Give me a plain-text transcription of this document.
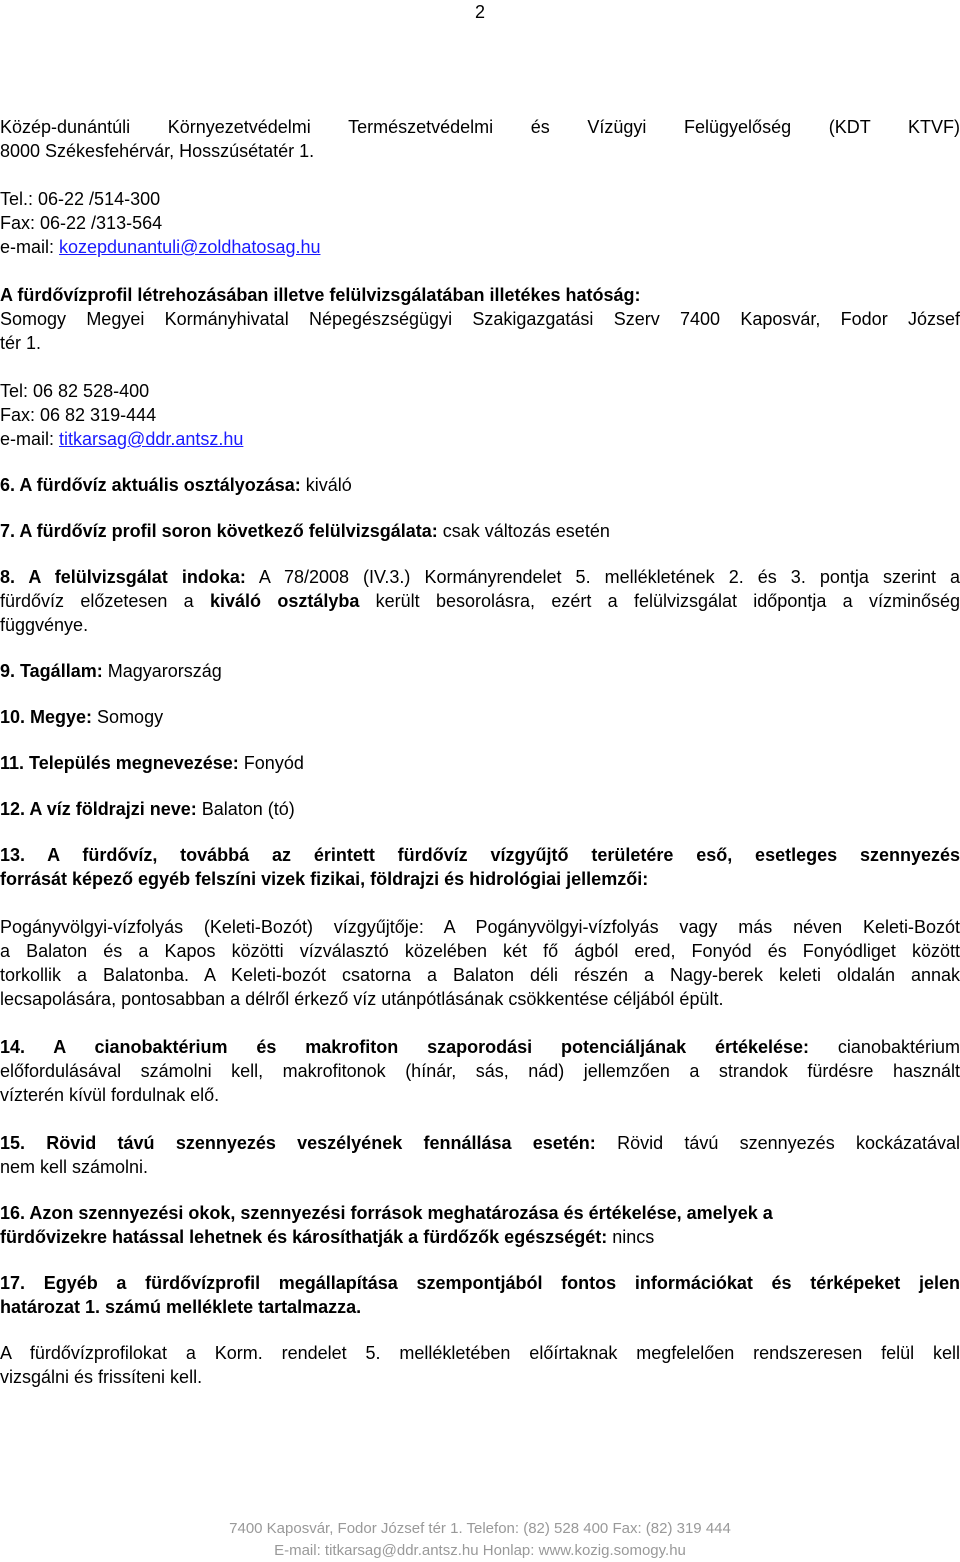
2

Közép-dunántúli Környezetvédelmi Természetvédelmi és Vízügyi Felügyelőség (KDT KTVF)

8000 Székesfehérvár, Hosszúsétatér 1.

Tel.: 06-22 /514-300

Fax: 06-22 /313-564

e-mail: kozepdunantuli@zoldhatosag.hu

A fürdővízprofil létrehozásában illetve felülvizsgálatában illetékes hatóság:

Somogy Megyei Kormányhivatal Népegészségügyi Szakigazgatási Szerv 7400 Kaposvár, Fodor József

tér 1.

Tel: 06 82 528-400

Fax: 06 82 319-444

e-mail: titkarsag@ddr.antsz.hu

6. A fürdővíz aktuális osztályozása: kiváló

7. A fürdővíz profil soron következő felülvizsgálata: csak változás esetén

8. A felülvizsgálat indoka: A 78/2008 (IV.3.) Kormányrendelet 5. mellékletének 2. és 3. pontja szerint a

fürdővíz előzetesen a kiváló osztályba került besorolásra, ezért a felülvizsgálat időpontja a vízminőség

függvénye.

9. Tagállam: Magyarország

10. Megye: Somogy

11. Település megnevezése: Fonyód

12. A víz földrajzi neve: Balaton (tó)

13. A fürdővíz, továbbá az érintett fürdővíz vízgyűjtő területére eső, esetleges szennyezés

forrását képező egyéb felszíni vizek fizikai, földrajzi és hidrológiai jellemzői:

Pogányvölgyi-vízfolyás (Keleti-Bozót) vízgyűjtője: A Pogányvölgyi-vízfolyás vagy más néven Keleti-Bozót

a Balaton és a Kapos közötti vízválasztó közelében két fő ágból ered, Fonyód és Fonyódliget között

torkollik a Balatonba. A Keleti-bozót csatorna a Balaton déli részén a Nagy-berek keleti oldalán annak

lecsapolására, pontosabban a délről érkező víz utánpótlásának csökkentése céljából épült.

14. A cianobaktérium és makrofiton szaporodási potenciáljának értékelése: cianobaktérium

előfordulásával számolni kell, makrofitonok (hínár, sás, nád) jellemzően a strandok fürdésre használt

vízterén kívül fordulnak elő.

15. Rövid távú szennyezés veszélyének fennállása esetén: Rövid távú szennyezés kockázatával

nem kell számolni.

16. Azon szennyezési okok, szennyezési források meghatározása és értékelése, amelyek a

fürdővizekre hatással lehetnek és károsíthatják a fürdőzők egészségét: nincs

17. Egyéb a fürdővízprofil megállapítása szempontjából fontos információkat és térképeket jelen

határozat 1. számú melléklete tartalmazza.

A fürdővízprofilokat a Korm. rendelet 5. mellékletében előírtaknak megfelelően rendszeresen felül kell

vizsgálni és frissíteni kell.

7400 Kaposvár, Fodor József tér 1. Telefon: (82) 528 400 Fax: (82) 319 444
E-mail: titkarsag@ddr.antsz.hu Honlap: www.kozig.somogy.hu
